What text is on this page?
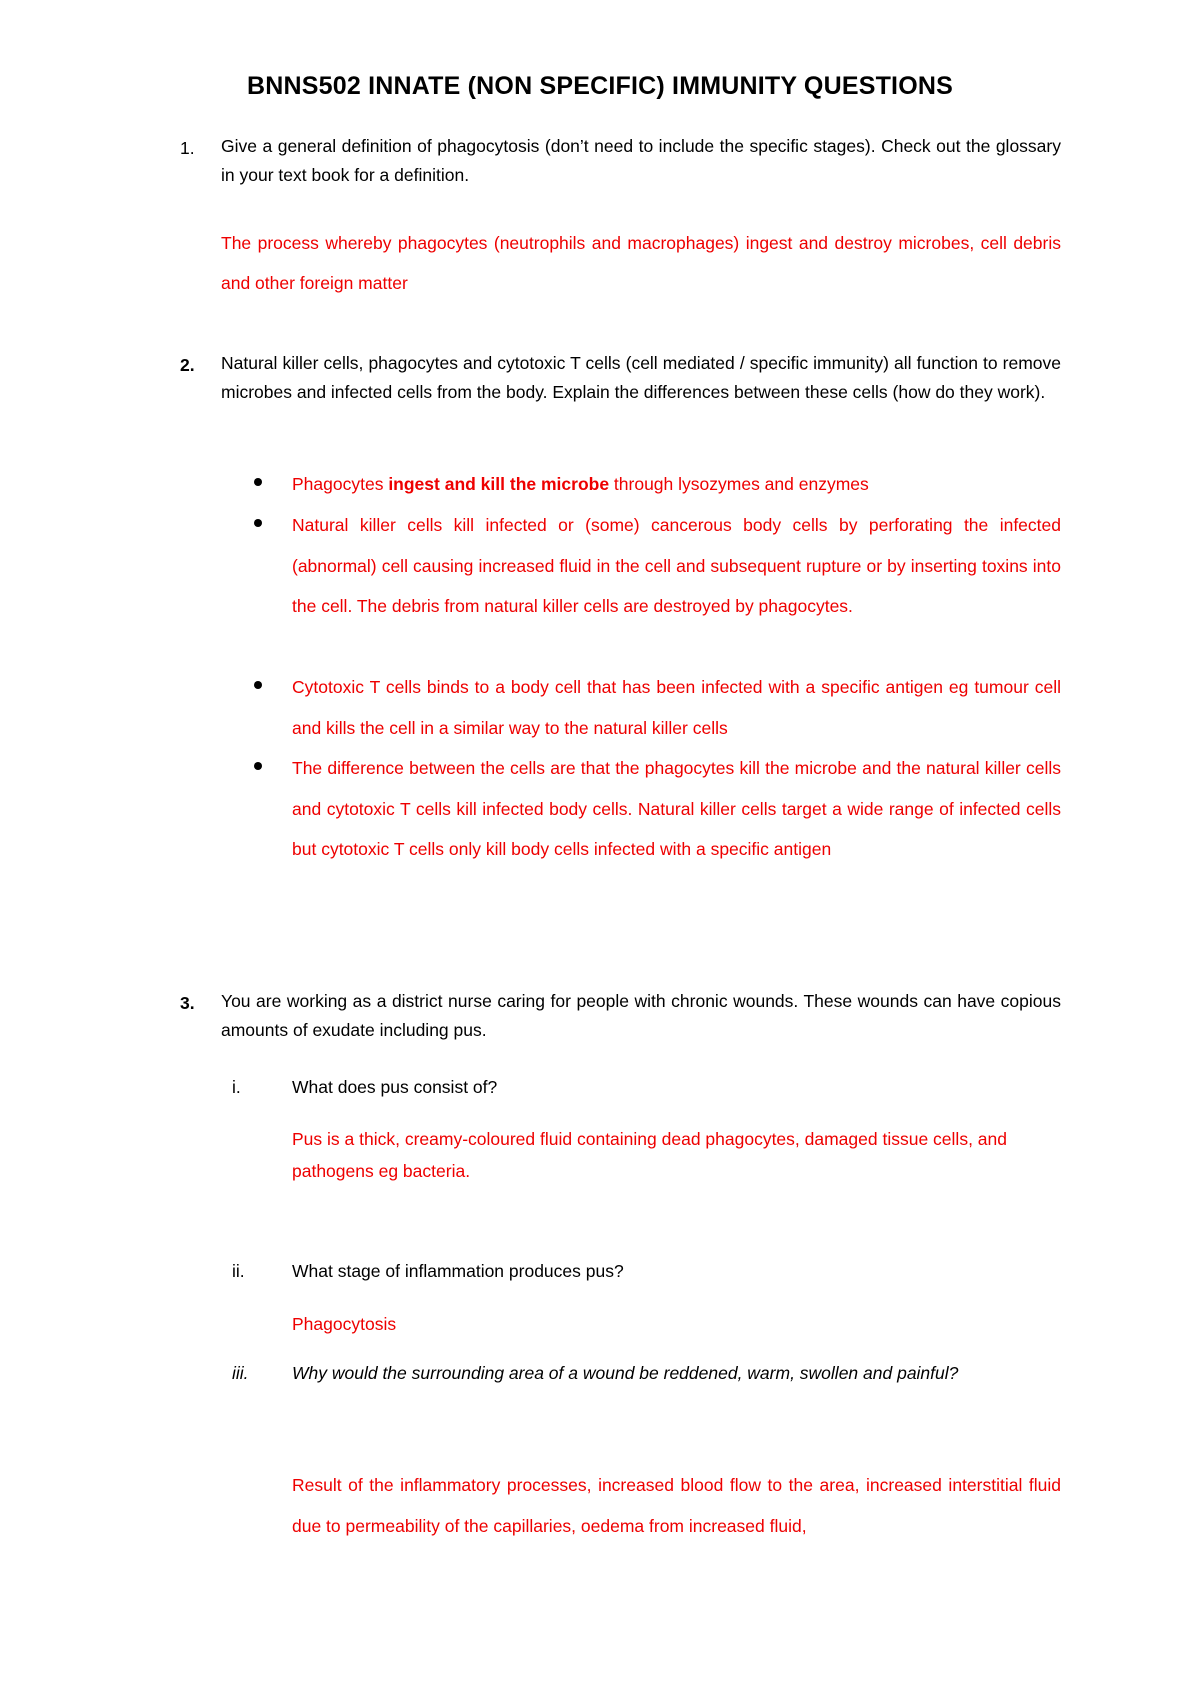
BNNS502 INNATE (NON SPECIFIC) IMMUNITY QUESTIONS
1. Give a general definition of phagocytosis (don’t need to include the specific stages). Check out the glossary in your text book for a definition.
The process whereby phagocytes (neutrophils and macrophages) ingest and destroy microbes, cell debris and other foreign matter
2. Natural killer cells, phagocytes and cytotoxic T cells (cell mediated / specific immunity) all function to remove microbes and infected cells from the body. Explain the differences between these cells (how do they work).
Phagocytes ingest and kill the microbe through lysozymes and enzymes
Natural killer cells kill infected or (some) cancerous body cells by perforating the infected (abnormal) cell causing increased fluid in the cell and subsequent rupture or by inserting toxins into the cell. The debris from natural killer cells are destroyed by phagocytes.
Cytotoxic T cells binds to a body cell that has been infected with a specific antigen eg tumour cell and kills the cell in a similar way to the natural killer cells
The difference between the cells are that the phagocytes kill the microbe and the natural killer cells and cytotoxic T cells kill infected body cells. Natural killer cells target a wide range of infected cells but cytotoxic T cells only kill body cells infected with a specific antigen
3. You are working as a district nurse caring for people with chronic wounds. These wounds can have copious amounts of exudate including pus.
i.	What does pus consist of?
Pus is a thick, creamy-coloured fluid containing dead phagocytes, damaged tissue cells, and pathogens eg bacteria.
ii.	What stage of inflammation produces pus?
Phagocytosis
iii. Why would the surrounding area of a wound be reddened, warm, swollen and painful?
Result of the inflammatory processes, increased blood flow to the area, increased interstitial fluid due to permeability of the capillaries, oedema from increased fluid,
